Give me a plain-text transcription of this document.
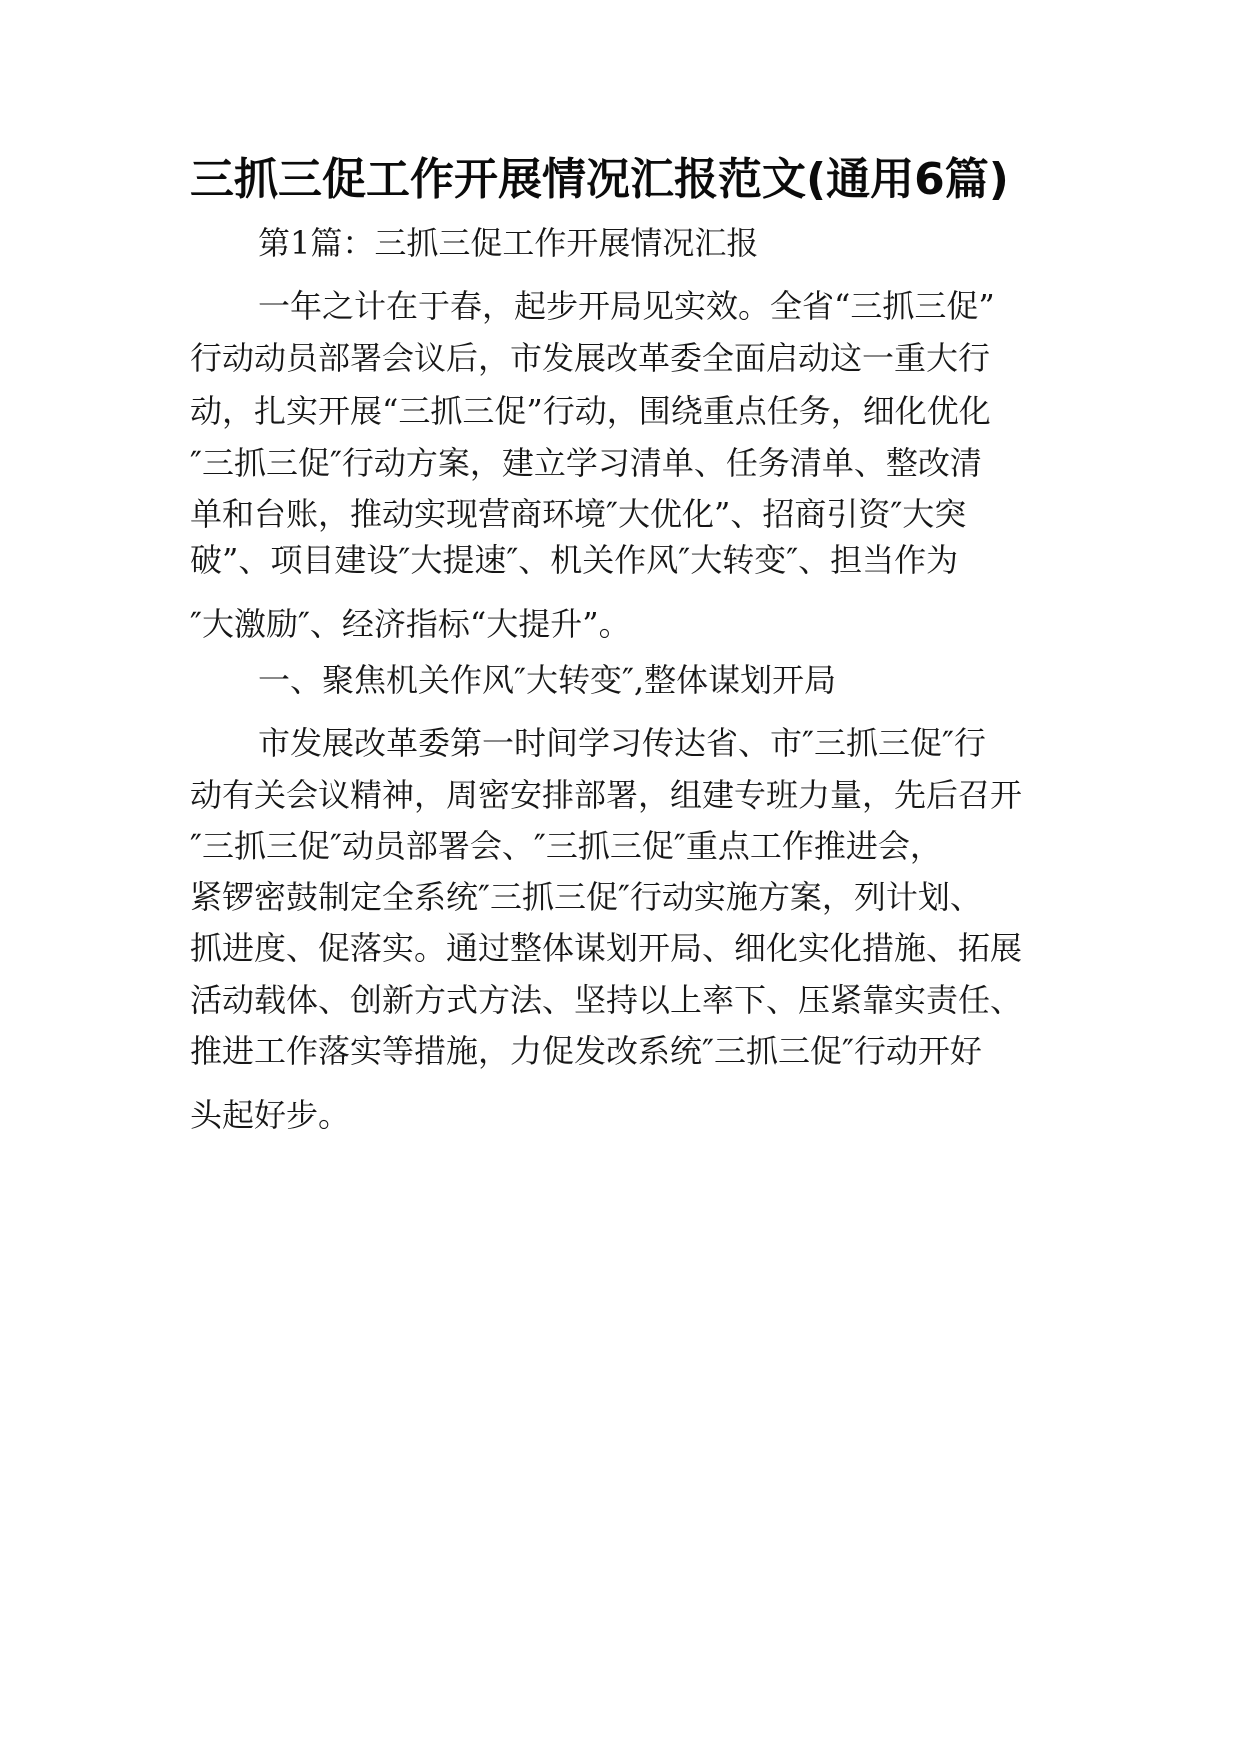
三抓三促工作开展情况汇报范文(通用6篇)

第1篇：三抓三促工作开展情况汇报

一年之计在于春，起步开局见实效。全省“三抓三促”

行动动员部署会议后，市发展改革委全面启动这一重大行

动，扎实开展“三抓三促”行动，围绕重点任务，细化优化

″三抓三促″行动方案，建立学习清单、任务清单、整改清

单和台账，推动实现营商环境″大优化”、招商引资″大突

破”、项目建设″大提速″、机关作风″大转变″、担当作为

″大激励″、经济指标“大提升”。

一、聚焦机关作风″大转变″,整体谋划开局

市发展改革委第一时间学习传达省、市″三抓三促″行

动有关会议精神，周密安排部署，组建专班力量，先后召开

″三抓三促″动员部署会、″三抓三促″重点工作推进会，

紧锣密鼓制定全系统″三抓三促″行动实施方案，列计划、

抓进度、促落实。通过整体谋划开局、细化实化措施、拓展

活动载体、创新方式方法、坚持以上率下、压紧靠实责任、

推进工作落实等措施，力促发改系统″三抓三促″行动开好

头起好步。
